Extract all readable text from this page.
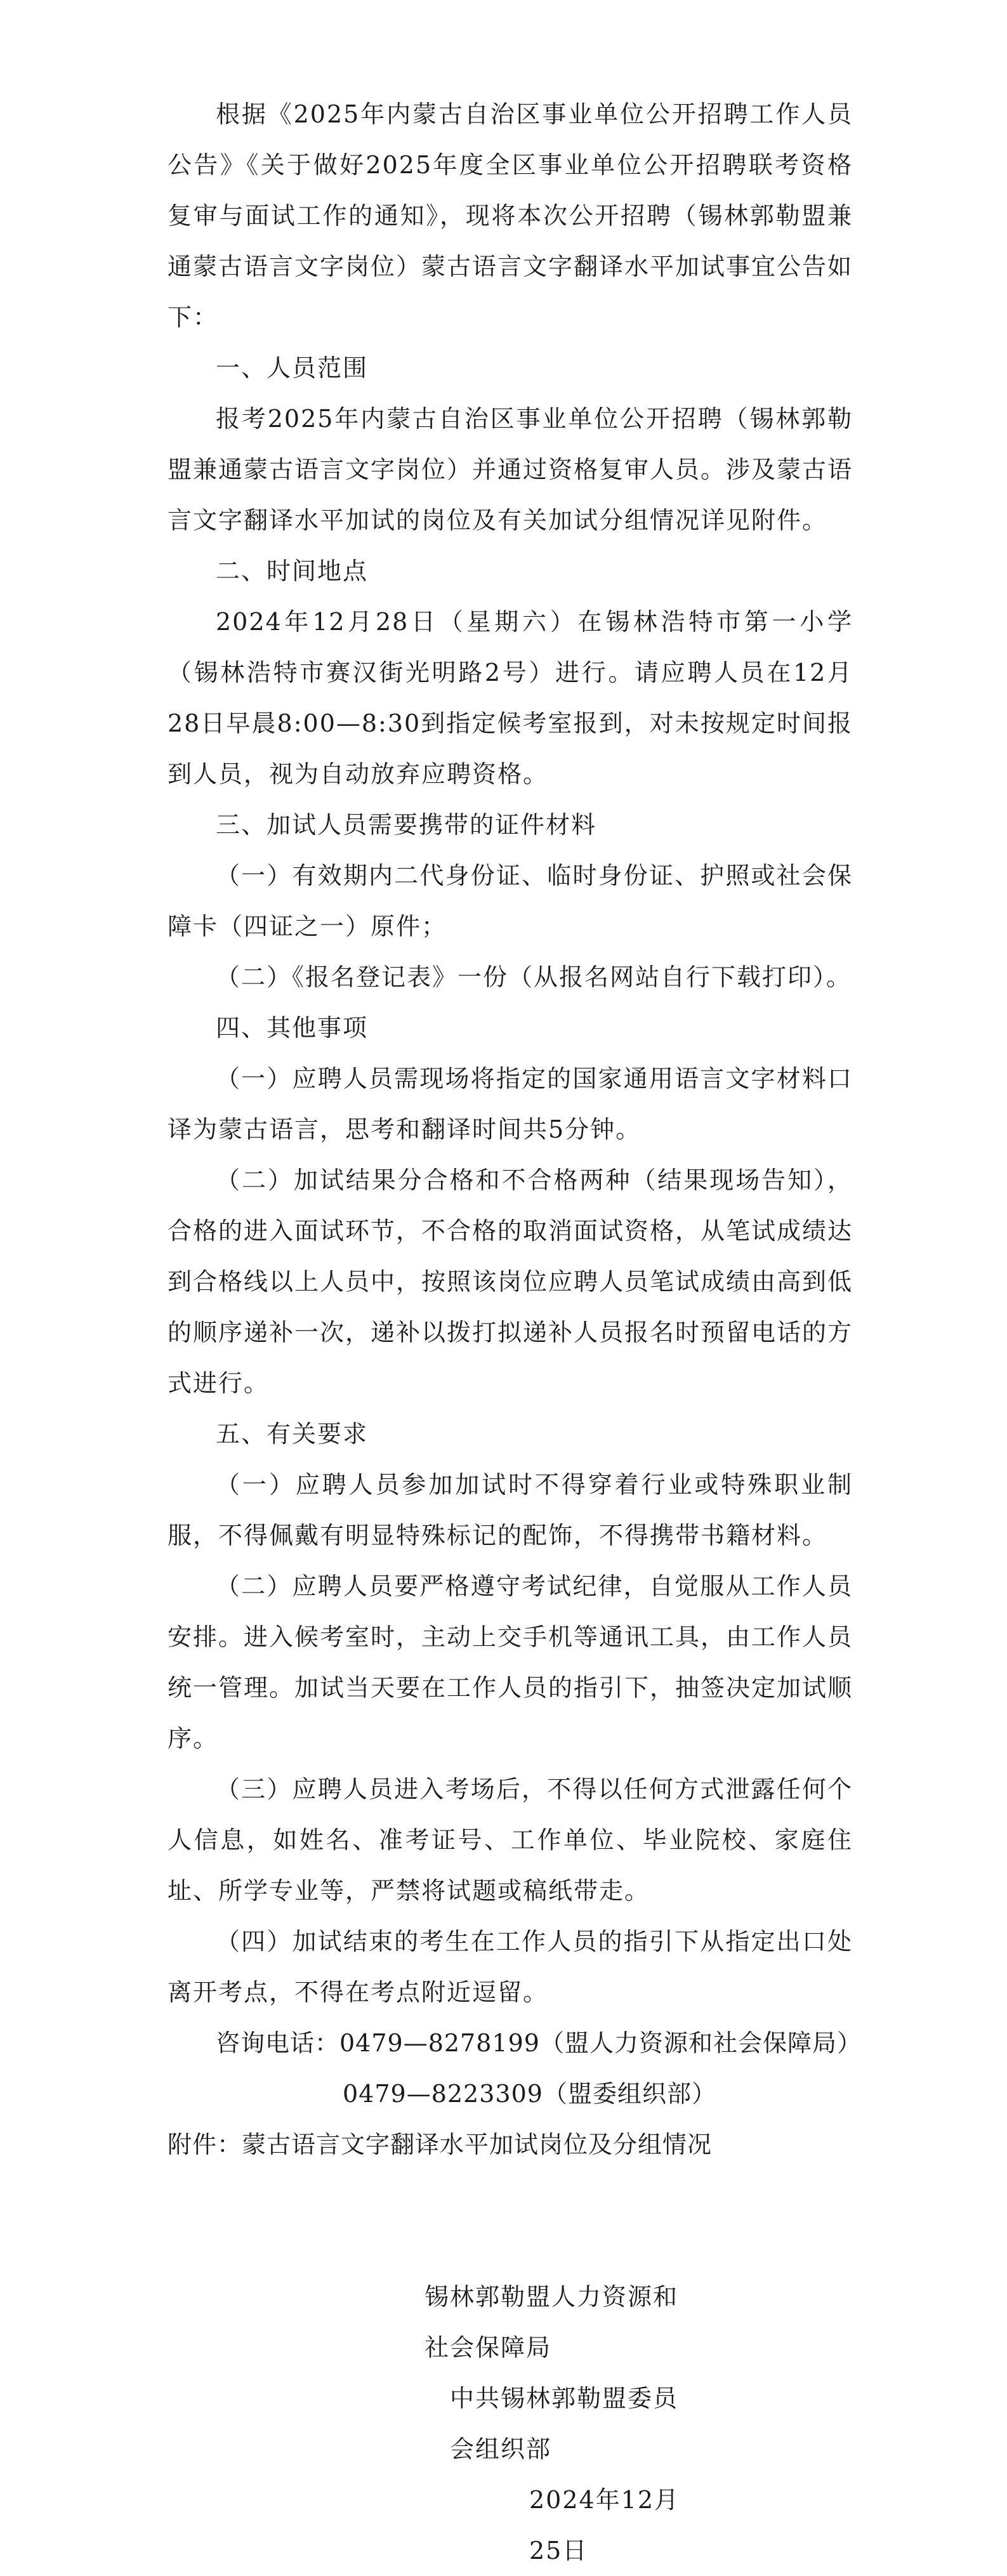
根据《2025年内蒙古自治区事业单位公开招聘工作人员公告》《关于做好2025年度全区事业单位公开招聘联考资格复审与面试工作的通知》，现将本次公开招聘（锡林郭勒盟兼通蒙古语言文字岗位）蒙古语言文字翻译水平加试事宜公告如下：

一、人员范围

报考2025年内蒙古自治区事业单位公开招聘（锡林郭勒盟兼通蒙古语言文字岗位）并通过资格复审人员。涉及蒙古语言文字翻译水平加试的岗位及有关加试分组情况详见附件。

二、时间地点

2024年12月28日（星期六）在锡林浩特市第一小学（锡林浩特市赛汉街光明路2号）进行。请应聘人员在12月28日早晨8:00—8:30到指定候考室报到，对未按规定时间报到人员，视为自动放弃应聘资格。

三、加试人员需要携带的证件材料

（一）有效期内二代身份证、临时身份证、护照或社会保障卡（四证之一）原件；

（二）《报名登记表》一份（从报名网站自行下载打印）。

四、其他事项

（一）应聘人员需现场将指定的国家通用语言文字材料口译为蒙古语言，思考和翻译时间共5分钟。

（二）加试结果分合格和不合格两种（结果现场告知），合格的进入面试环节，不合格的取消面试资格，从笔试成绩达到合格线以上人员中，按照该岗位应聘人员笔试成绩由高到低的顺序递补一次，递补以拨打拟递补人员报名时预留电话的方式进行。

五、有关要求

（一）应聘人员参加加试时不得穿着行业或特殊职业制服，不得佩戴有明显特殊标记的配饰，不得携带书籍材料。

（二）应聘人员要严格遵守考试纪律，自觉服从工作人员安排。进入候考室时，主动上交手机等通讯工具，由工作人员统一管理。加试当天要在工作人员的指引下，抽签决定加试顺序。

（三）应聘人员进入考场后，不得以任何方式泄露任何个人信息，如姓名、准考证号、工作单位、毕业院校、家庭住址、所学专业等，严禁将试题或稿纸带走。

（四）加试结束的考生在工作人员的指引下从指定出口处离开考点，不得在考点附近逗留。

咨询电话：0479—8278199（盟人力资源和社会保障局）

0479—8223309（盟委组织部）

附件：蒙古语言文字翻译水平加试岗位及分组情况

锡林郭勒盟人力资源和社会保障局

中共锡林郭勒盟委员会组织部

2024年12月25日
